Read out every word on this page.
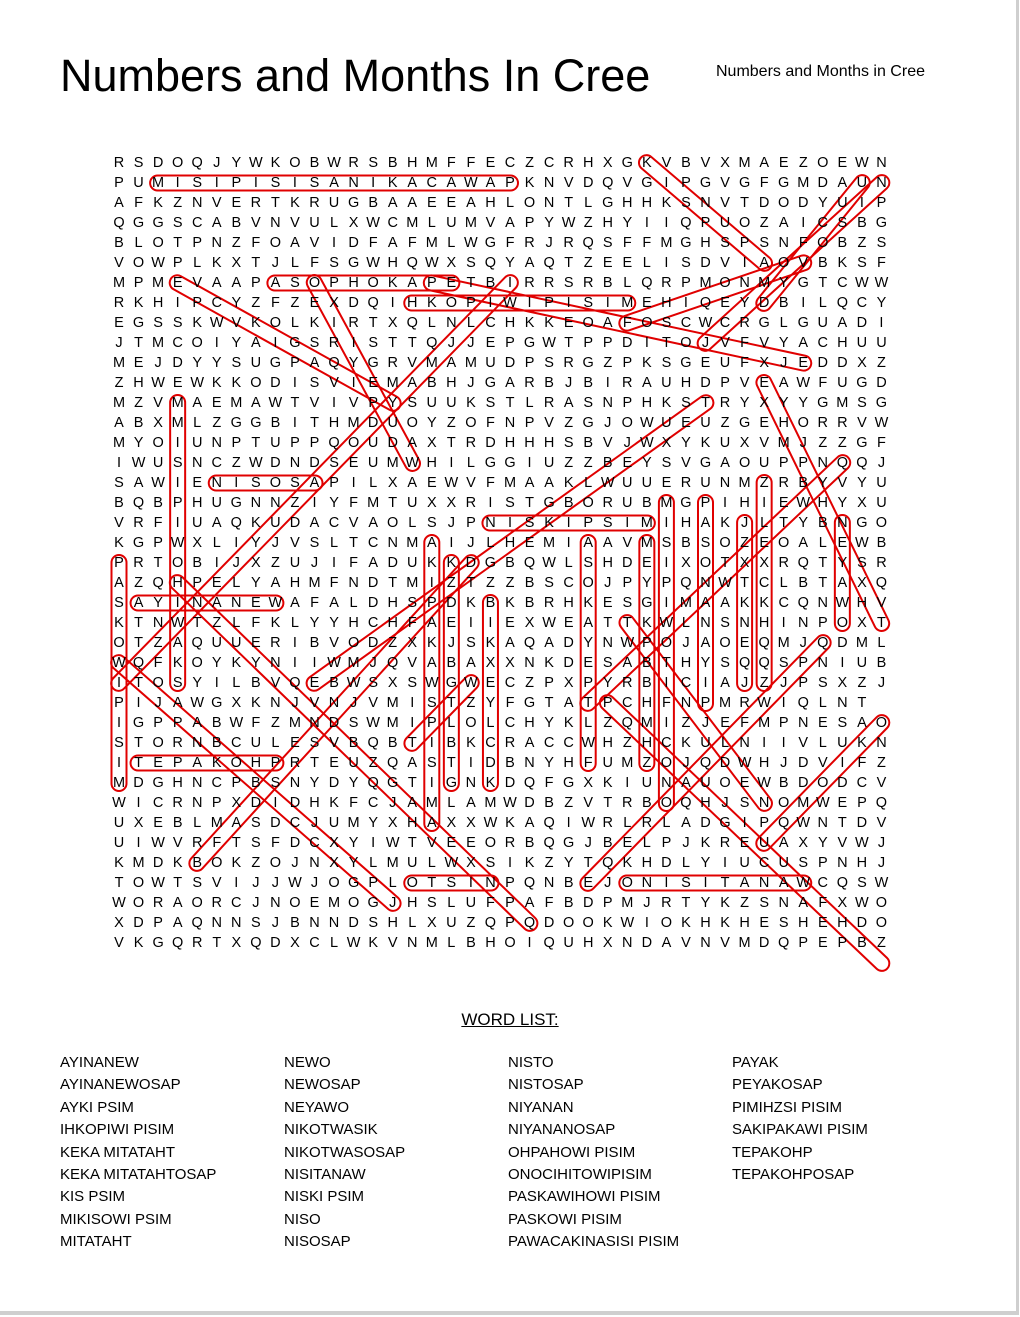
Numbers and Months In Cree	Numbers and Months in Cree
R S D O Q J Y W K O B W R S B H M F F E C Z C R H X G K V B V X M A E Z O E W N
P U M I S I P I S I S A N I K A C A W A P K N V D Q V G I P G V G F G M D A U N
A F K Z N V E R T K R U G B A A E E A H L O N T L G H H K S N V T D O D Y U I P
Q G G S C A B V N V U L X W C M L U M V A P Y W Z H Y I I Q P U O Z A I C S B G
B L O T P N Z F O A V I D F A F M L W G F R J R Q S F F M G H S P S N F O B Z S
V O W P L K X T J L F S G W H Q W X S Q Y A Q T Z E E L I S D V I A O V B K S F
M P M E V A A P A S O P H O K A P E T B I R R S R B L Q R P M O N M Y G T C W W
R K H I P C Y Z F Z E X D Q I H K O P I W I P I S I M E H I Q E Y D B I L Q C Y
E G S S K W V K O L K I R T X Q L N L C H K K E O A F O S C W C R G L G U A D I
J T M C O I Y A I G S R I S T T Q J J E P G W T P P D I T O J V F V Y A C H U U
M E J D Y Y S U G P A Q Y G R V M A M U D P S R G Z P K S G E U F X J E D D X Z
Z H W E W K K O D I S V I E M A B H J G A R B J B I R A U H D P V E A W F U G D
M Z V M A E M A W T V I V P Y S U U K S T L R A S N P H K S T R Y X Y Y G M S G
A B X M L Z G G B I T H M D U O Y Z O F N P V Z G J O W U E U Z G E H O R R V W
M Y O I U N P T U P P Q O U D A X T R D H H H S B V J W X Y K U X V M J Z Z G F
I W U S N C Z W D N D S E U M W H I L G G I U Z Z B E Y S V G A O U P P N Q Q J
S A W I E N I S O S A P I L X A E W V F M A A K L W U U E R U N M Z R B Y V Y U
B Q B P H U G N N Z I Y F M T U X X R I S T G B O R U B M G P I H I E W H Y X U
V R F I U A Q K U D A C V A O L S J P N I S K I P S I M I H A K J L T Y B N G O
K G P W X L I Y J V S L T C N M A I J L H E M I A A V M S B S O Z E O A L E W B
P R T O B I J X Z U J I F A D U K K D G B Q W L S H D E I X O T X X R Q T Y S R
A Z Q H P E L Y A H M F N D T M I Z T Z Z B S C O J P Y P Q N W T C L B T A X Q
S A Y I N A N E W A F A L D H S P D K B K B R H K E S G I M A A K K C Q N W H V
K T N W T Z L F K L Y Y H C H F A E I I E X W E A T T K W L N S N H I N P O X T
O T Z A Q U U E R I B V O D Z X K J S K A Q A D Y N W P O J A O E Q M J Q D M L
W Q F K O Y K Y N I I W M J Q V A B A X X N K D E S A B T H Y S Q Q S P N I U B
I T O S Y I L B V Q E B W S X S W G W E C Z P X P Y R B I C I A J Z J P S X Z J
P I J A W G X K N J V N J V M I S T Z Y F G T A T P C H F N P M R W I Q L N T
I G P P A B W F Z M N D S W M I P L O L C H Y K L Z Q M I Z J E F M P N E S A O
S T O R N B C U L E S V B Q B T I B K C R A C C W H Z H C K U L N I I V L U K N
I T E P A K O H P R T E U Z Q A S T I D B N Y H F U M Z O J Q D W H J D V I F Z
M D G H N C P B S N Y D Y Q G T I G N K D Q F G X K I U N A U O E W B D O D C V
W I C R N P X D I D H K F C J A M L A M W D B Z V T R B O Q H J S N O M W E P Q
U X E B L M A S D C J U M Y X H A X X W K A Q I W R L R L A D G I P Q W N T D V
U I W V R F T S F D C X Y I W T V E E O R B Q G J B E L P J K R E U A X Y V W J
K M D K B O K Z O J N X Y L M U L W X S I K Z Y T Q K H D L Y I U C U S P N H J
T O W T S V I J J W J O G P L O T S I N P Q N B E J O N I S I T A N A W C Q S W
W O R A O R C J N O E M O G J H S L U F P A F B D P M J R T Y K Z S N A F X W O
X D P A Q N N S J B N N D S H L X U Z Q P Q D O O K W I O K H K H E S H E H D O
V K G Q R T X Q D X C L W K V N M L B H O I Q U H X N D A V N V M D Q P E P B Z
WORD LIST:
AYINANEW
AYINANEWOSAP
AYKI PSIM
IHKOPIWI PISIM
KEKA MITATAHT
KEKA MITATAHTOSAP
KIS PSIM
MIKISOWI PSIM
MITATAHT
NEWO
NEWOSAP
NEYAWO
NIKOTWASIK
NIKOTWASOSAP
NISITANAW
NISKI PSIM
NISO
NISOSAP
NISTO
NISTOSAP
NIYANAN
NIYANANOSAP
OHPAHOWI PISIM
ONOCIHITOWIPISIM
PASKAWIHOWI PISIM
PASKOWI PISIM
PAWACAKINASISI PISIM
PAYAK
PEYAKOSAP
PIMIHZSI PISIM
SAKIPAKAWI PISIM
TEPAKOHP
TEPAKOHPOSAP
